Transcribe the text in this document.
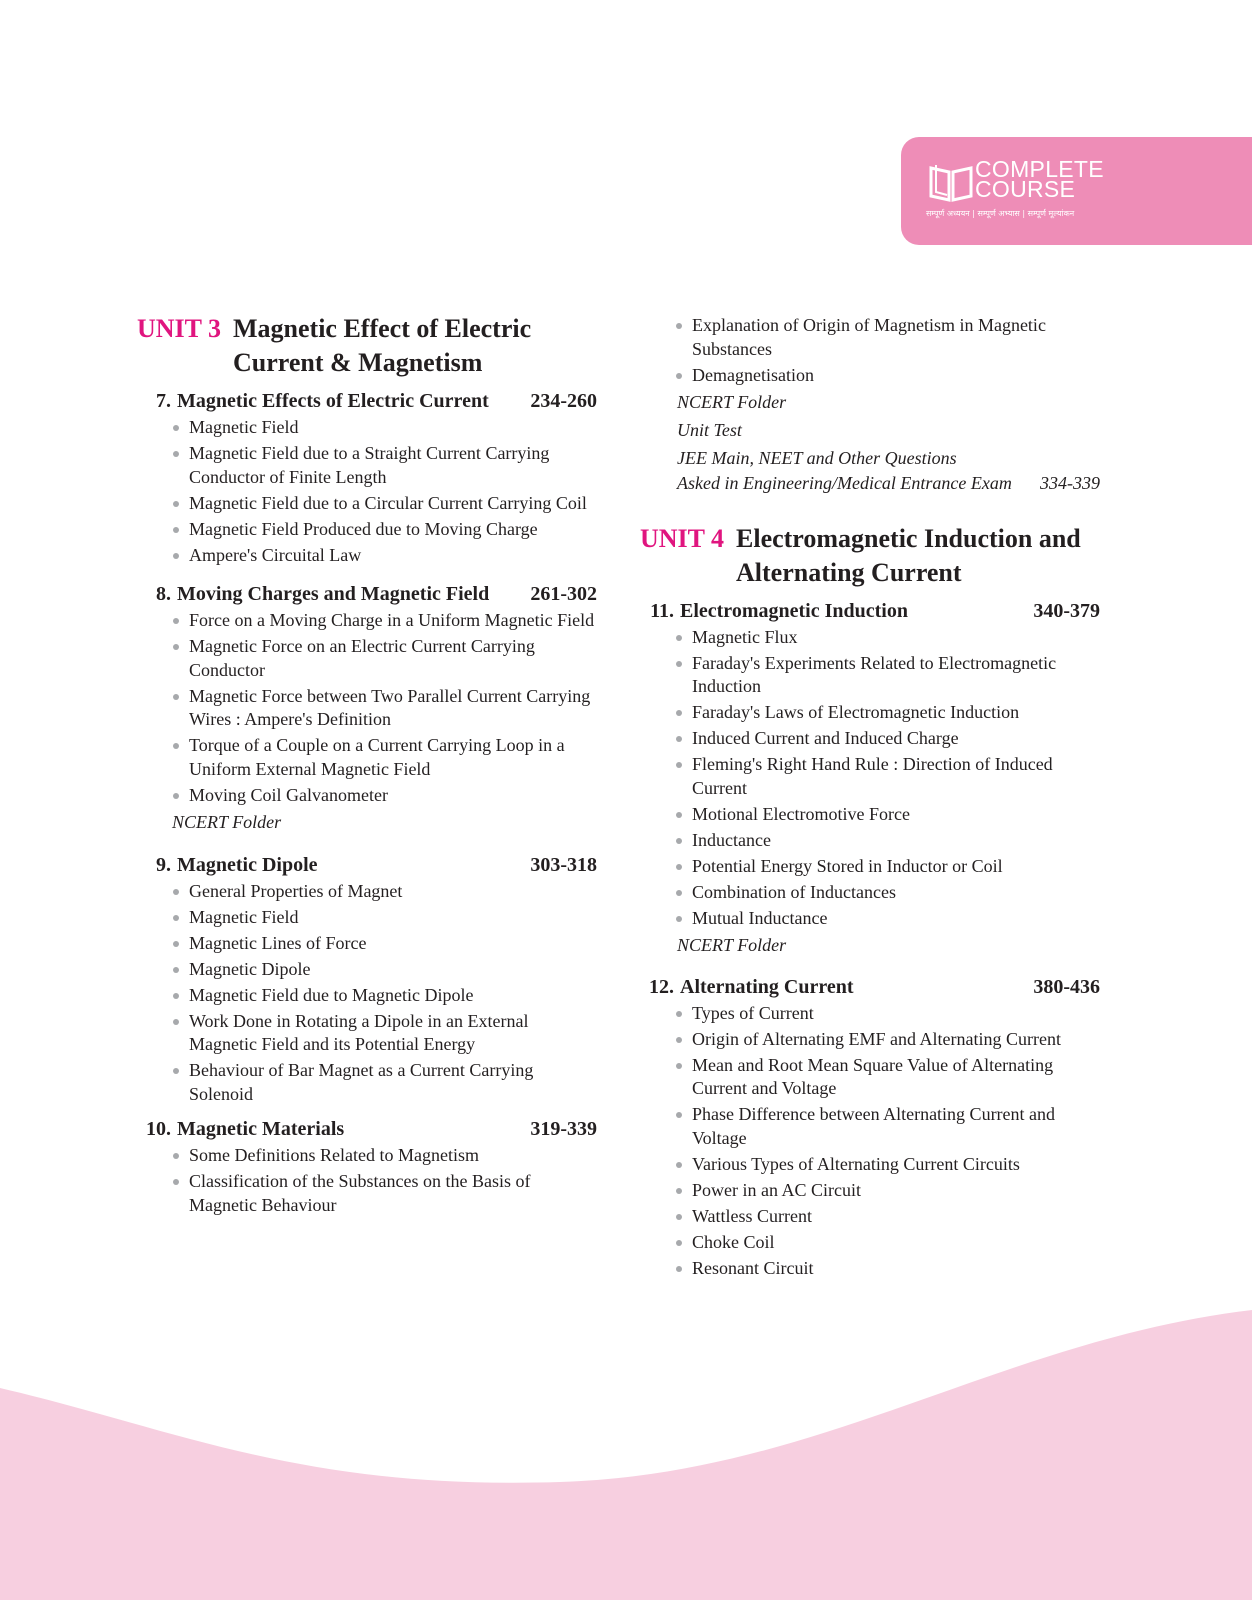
COMPLETE
COURSE
सम्पूर्ण अध्ययन | सम्पूर्ण अभ्यास | सम्पूर्ण मूल्यांकन
UNIT 3 Magnetic Effect of Electric
Current & Magnetism
7. Magnetic Effects of Electric Current	234-260
Magnetic Field
Magnetic Field due to a Straight Current Carrying Conductor of Finite Length
Magnetic Field due to a Circular Current Carrying Coil
Magnetic Field Produced due to Moving Charge
Ampere's Circuital Law
8. Moving Charges and Magnetic Field	261-302
Force on a Moving Charge in a Uniform Magnetic Field
Magnetic Force on an Electric Current Carrying Conductor
Magnetic Force between Two Parallel Current Carrying Wires : Ampere's Definition
Torque of a Couple on a Current Carrying Loop in a Uniform External Magnetic Field
Moving Coil Galvanometer
NCERT Folder
9. Magnetic Dipole	303-318
General Properties of Magnet
Magnetic Field
Magnetic Lines of Force
Magnetic Dipole
Magnetic Field due to Magnetic Dipole
Work Done in Rotating a Dipole in an External Magnetic Field and its Potential Energy
Behaviour of Bar Magnet as a Current Carrying Solenoid
10. Magnetic Materials	319-339
Some Definitions Related to Magnetism
Classification of the Substances on the Basis of Magnetic Behaviour
Explanation of Origin of Magnetism in Magnetic Substances
Demagnetisation
NCERT Folder
Unit Test
JEE Main, NEET and Other Questions
Asked in Engineering/Medical Entrance Exam 334-339
UNIT 4 Electromagnetic Induction and
Alternating Current
11. Electromagnetic Induction	340-379
Magnetic Flux
Faraday's Experiments Related to Electromagnetic Induction
Faraday's Laws of Electromagnetic Induction
Induced Current and Induced Charge
Fleming's Right Hand Rule : Direction of Induced Current
Motional Electromotive Force
Inductance
Potential Energy Stored in Inductor or Coil
Combination of Inductances
Mutual Inductance
NCERT Folder
12. Alternating Current	380-436
Types of Current
Origin of Alternating EMF and Alternating Current
Mean and Root Mean Square Value of Alternating Current and Voltage
Phase Difference between Alternating Current and Voltage
Various Types of Alternating Current Circuits
Power in an AC Circuit
Wattless Current
Choke Coil
Resonant Circuit
